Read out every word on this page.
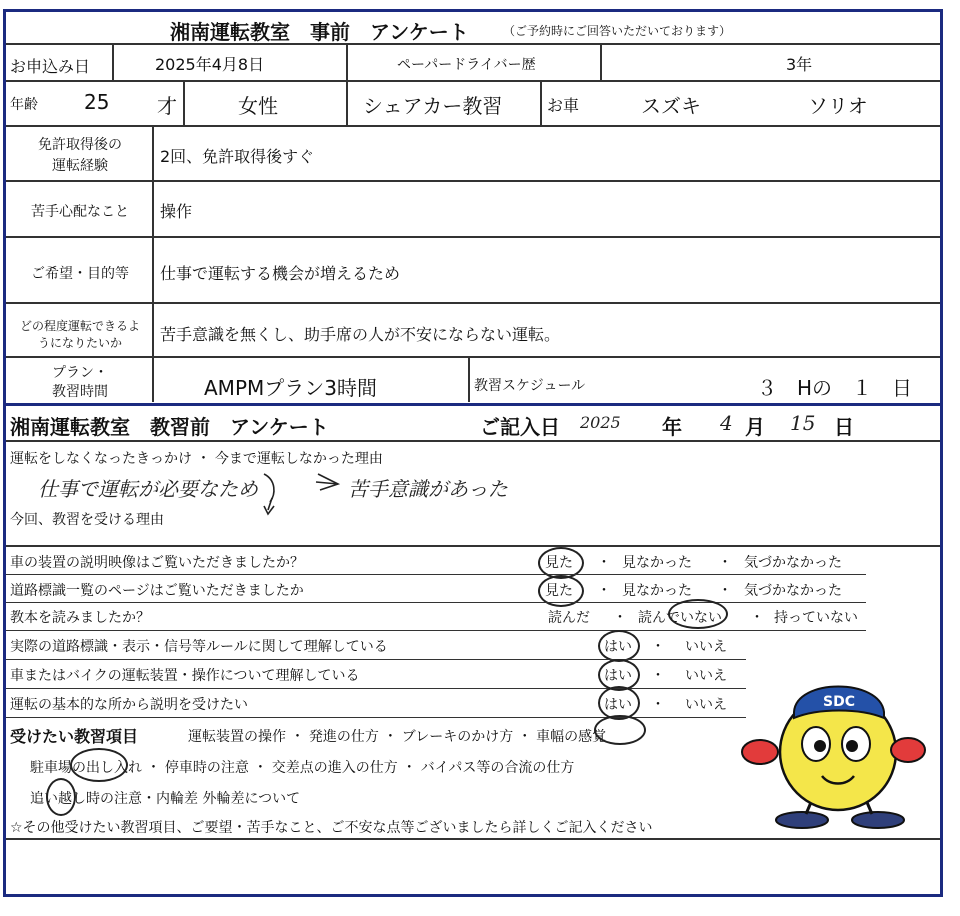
湘南運転教室　事前　アンケート	（ご予約時にご回答いただいております）
お申込み日	2025年4月8日	ペーパードライバー歴	3年
年齢 25 才	女性	シェアカー教習	お車	スズキ	ソリオ
免許取得後の
運転経験	2回、免許取得後すぐ
苦手心配なこと	操作
ご希望・目的等	仕事で運転する機会が増えるため
どの程度運転できるよ
うになりたいか	苦手意識を無くし、助手席の人が不安にならない運転。
プラン・
教習時間	AMPMプラン3時間	教習スケジュール	３　Hの　１　日
湘南運転教室　教習前　アンケート	ご記入日 2025 年 4 月 15 日
運転をしなくなったきっかけ ・ 今まで運転しなかった理由
仕事で運転が必要なため	苦手意識があった
今回、教習を受ける理由
車の装置の説明映像はご覧いただきましたか？	見た ・ 見なかった ・ 気づかなかった
道路標識一覧のページはご覧いただきましたか	見た ・ 見なかった ・ 気づかなかった
教本を読みましたか？	読んだ ・ 読んでいない ・ 持っていない
実際の道路標識・表示・信号等ルールに関して理解している	はい ・ いいえ
車またはバイクの運転装置・操作について理解している	はい ・ いいえ
運転の基本的な所から説明を受けたい	はい ・ いいえ
受けたい教習項目	運転装置の操作 ・ 発進の仕方 ・ ブレーキのかけ方 ・ 車幅の感覚
駐車場の出し入れ ・ 停車時の注意 ・ 交差点の進入の仕方 ・ バイパス等の合流の仕方
追い越し時の注意・内輪差 外輪差について
☆その他受けたい教習項目、ご要望・苦手なこと、ご不安な点等ございましたら詳しくご記入ください
SDC
